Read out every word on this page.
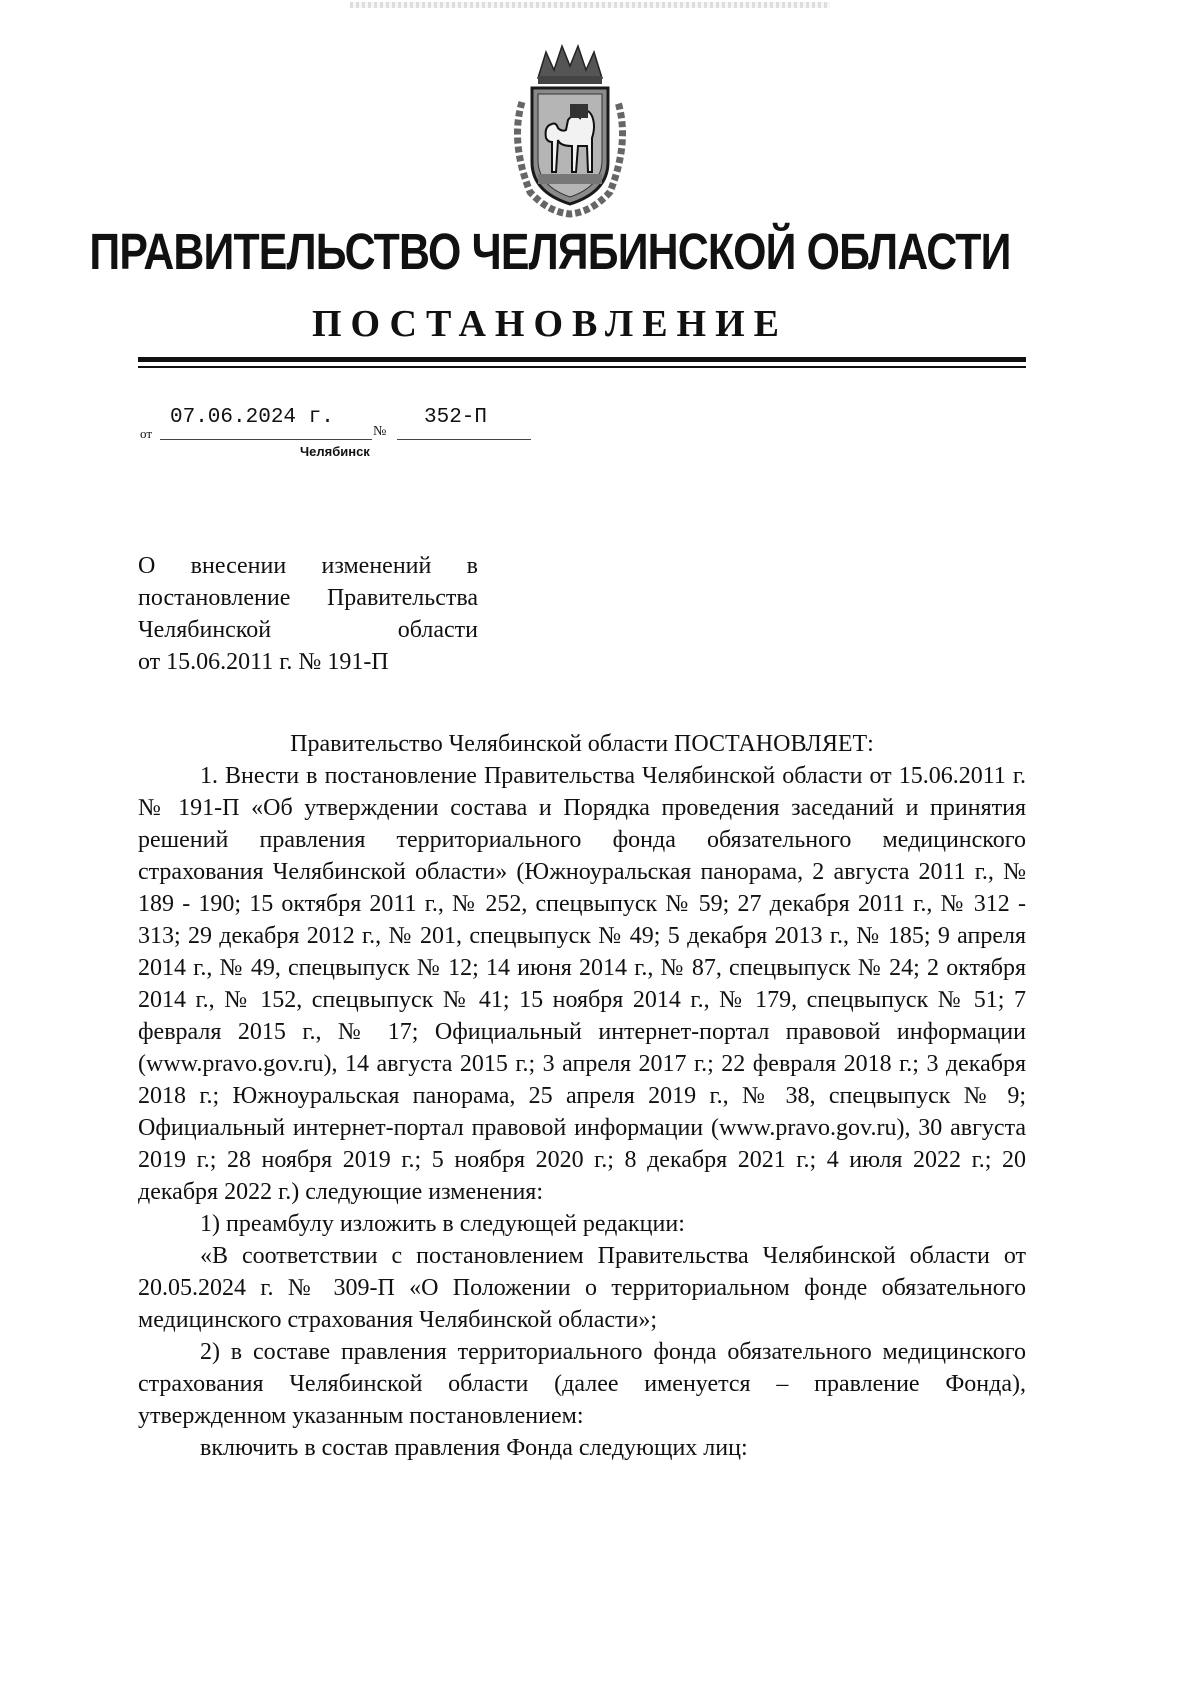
ПРАВИТЕЛЬСТВО ЧЕЛЯБИНСКОЙ ОБЛАСТИ
ПОСТАНОВЛЕНИЕ
от
07.06.2024 г.
№
352-П
Челябинск
О внесении изменений в
постановление Правительства
Челябинской области
от 15.06.2011 г. № 191-П
Правительство Челябинской области ПОСТАНОВЛЯЕТ:

1. Внести в постановление Правительства Челябинской области от 15.06.2011 г. № 191-П «Об утверждении состава и Порядка проведения заседаний и принятия решений правления территориального фонда обязательного медицинского страхования Челябинской области» (Южноуральская панорама, 2 августа 2011 г., № 189 - 190; 15 октября 2011 г., № 252, спецвыпуск № 59; 27 декабря 2011 г., № 312 - 313; 29 декабря 2012 г., № 201, спецвыпуск № 49; 5 декабря 2013 г., № 185; 9 апреля 2014 г., № 49, спецвыпуск № 12; 14 июня 2014 г., № 87, спецвыпуск № 24; 2 октября 2014 г., № 152, спецвыпуск № 41; 15 ноября 2014 г., № 179, спецвыпуск № 51; 7 февраля 2015 г., № 17; Официальный интернет-портал правовой информации (www.pravo.gov.ru), 14 августа 2015 г.; 3 апреля 2017 г.; 22 февраля 2018 г.; 3 декабря 2018 г.; Южноуральская панорама, 25 апреля 2019 г., № 38, спецвыпуск № 9; Официальный интернет-портал правовой информации (www.pravo.gov.ru), 30 августа 2019 г.; 28 ноября 2019 г.; 5 ноября 2020 г.; 8 декабря 2021 г.; 4 июля 2022 г.; 20 декабря 2022 г.) следующие изменения:

1) преамбулу изложить в следующей редакции:

«В соответствии с постановлением Правительства Челябинской области от 20.05.2024 г. № 309-П «О Положении о территориальном фонде обязательного медицинского страхования Челябинской области»;

2) в составе правления территориального фонда обязательного медицинского страхования Челябинской области (далее именуется – правление Фонда), утвержденном указанным постановлением:

включить в состав правления Фонда следующих лиц:
